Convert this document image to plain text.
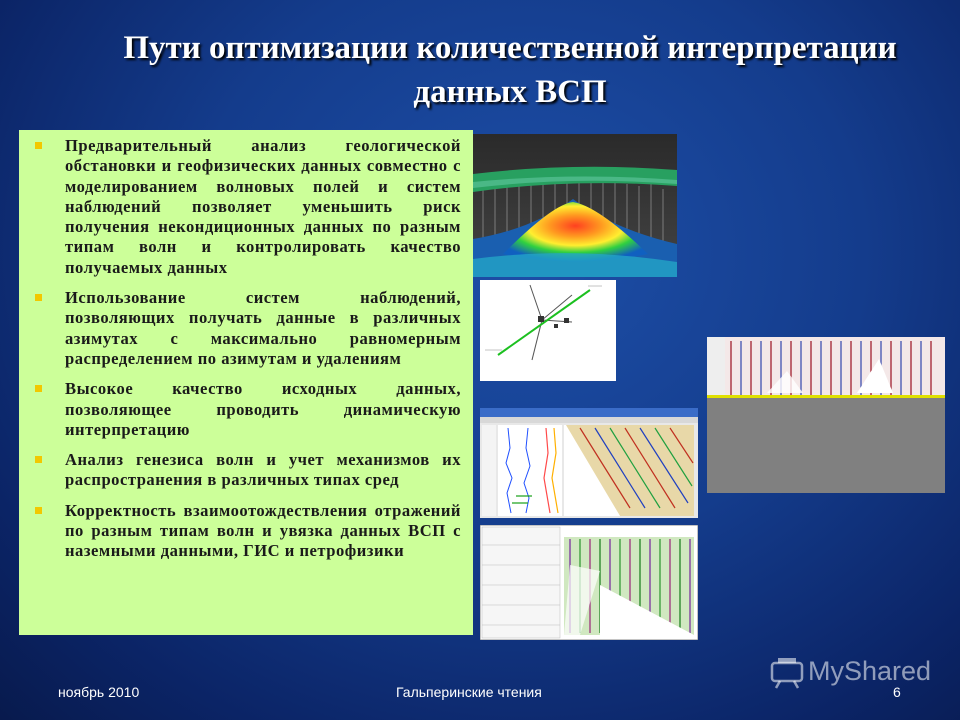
Пути оптимизации количественной интерпретации
данных ВСП
Предварительный анализ геологической обстановки и геофизических данных совместно с моделированием волновых полей и систем наблюдений позволяет уменьшить риск получения некондиционных данных по разным типам волн и контролировать качество получаемых данных
Использование систем наблюдений, позволяющих получать данные в различных азимутах с максимально равномерным распределением по азимутам и удалениям
Высокое качество исходных данных, позволяющее проводить динамическую интерпретацию
Анализ генезиса волн и учет механизмов их распространения в различных типах сред
Корректность взаимоотождествления отражений по разным типам волн и увязка данных ВСП с наземными данными, ГИС и петрофизики
ноябрь 2010	Гальперинские чтения	6
MyShared
